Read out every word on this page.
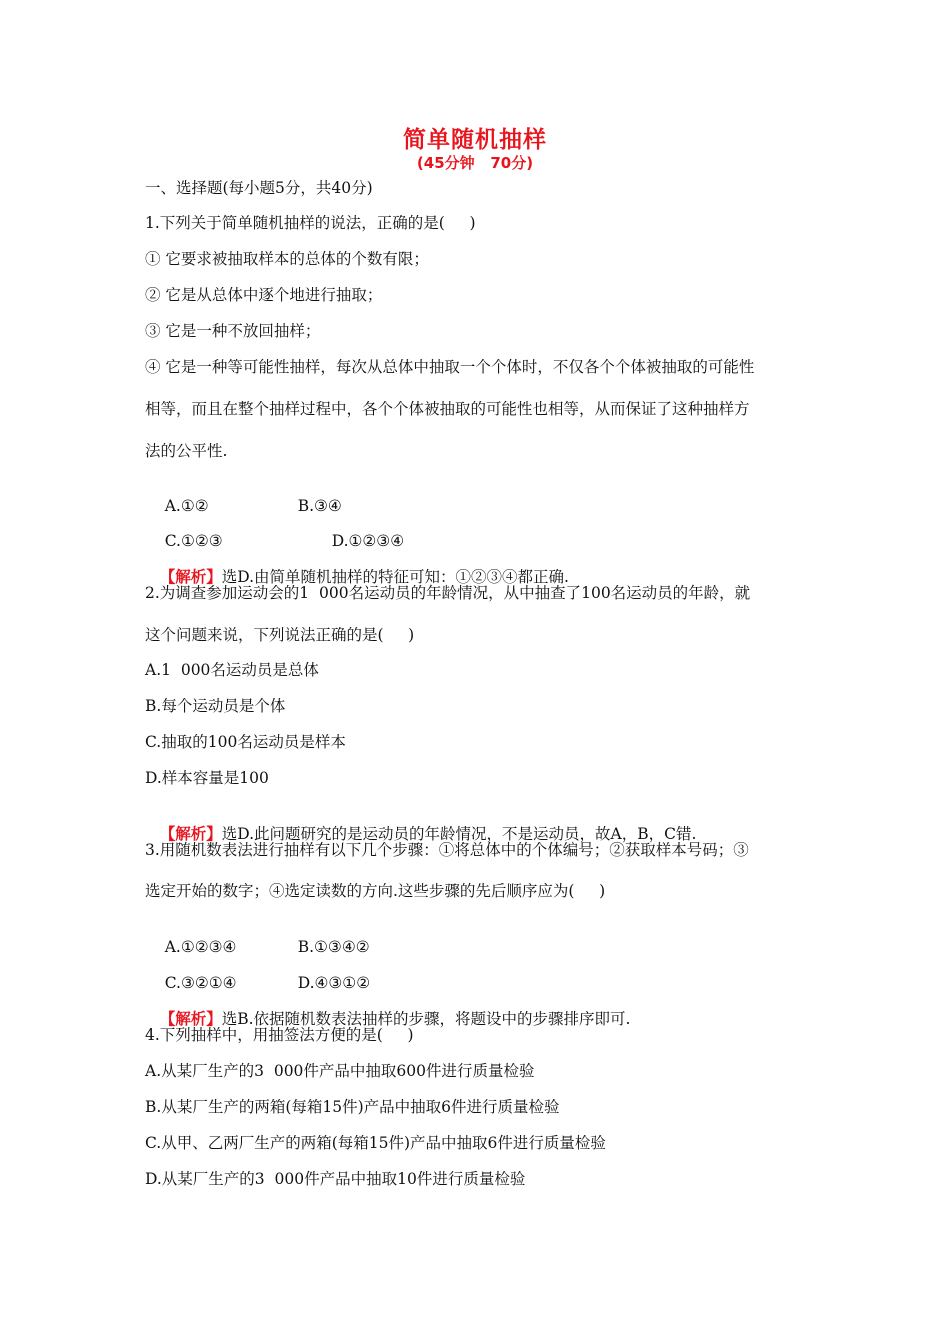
简单随机抽样
(45分钟   70分)
一、选择题(每小题5分，共40分)
1.下列关于简单随机抽样的说法，正确的是(     )
① 它要求被抽取样本的总体的个数有限；
② 它是从总体中逐个地进行抽取；
③ 它是一种不放回抽样；
④ 它是一种等可能性抽样，每次从总体中抽取一个个体时，不仅各个个体被抽取的可能性
相等，而且在整个抽样过程中，各个个体被抽取的可能性也相等，从而保证了这种抽样方
法的公平性.

A.①②	B.③④

C.①②③	D.①②③④

【解析】选D.由简单随机抽样的特征可知：①②③④都正确.

2.为调查参加运动会的1  000名运动员的年龄情况，从中抽查了100名运动员的年龄，就
这个问题来说，下列说法正确的是(     )
A.1  000名运动员是总体
B.每个运动员是个体
C.抽取的100名运动员是样本
D.样本容量是100

【解析】选D.此问题研究的是运动员的年龄情况，不是运动员，故A，B，C错.

3.用随机数表法进行抽样有以下几个步骤：①将总体中的个体编号；②获取样本号码；③
选定开始的数字；④选定读数的方向.这些步骤的先后顺序应为(     )

A.①②③④	B.①③④②

C.③②①④	D.④③①②

【解析】选B.依据随机数表法抽样的步骤，将题设中的步骤排序即可.

4.下列抽样中，用抽签法方便的是(     )
A.从某厂生产的3  000件产品中抽取600件进行质量检验
B.从某厂生产的两箱(每箱15件)产品中抽取6件进行质量检验
C.从甲、乙两厂生产的两箱(每箱15件)产品中抽取6件进行质量检验
D.从某厂生产的3  000件产品中抽取10件进行质量检验
